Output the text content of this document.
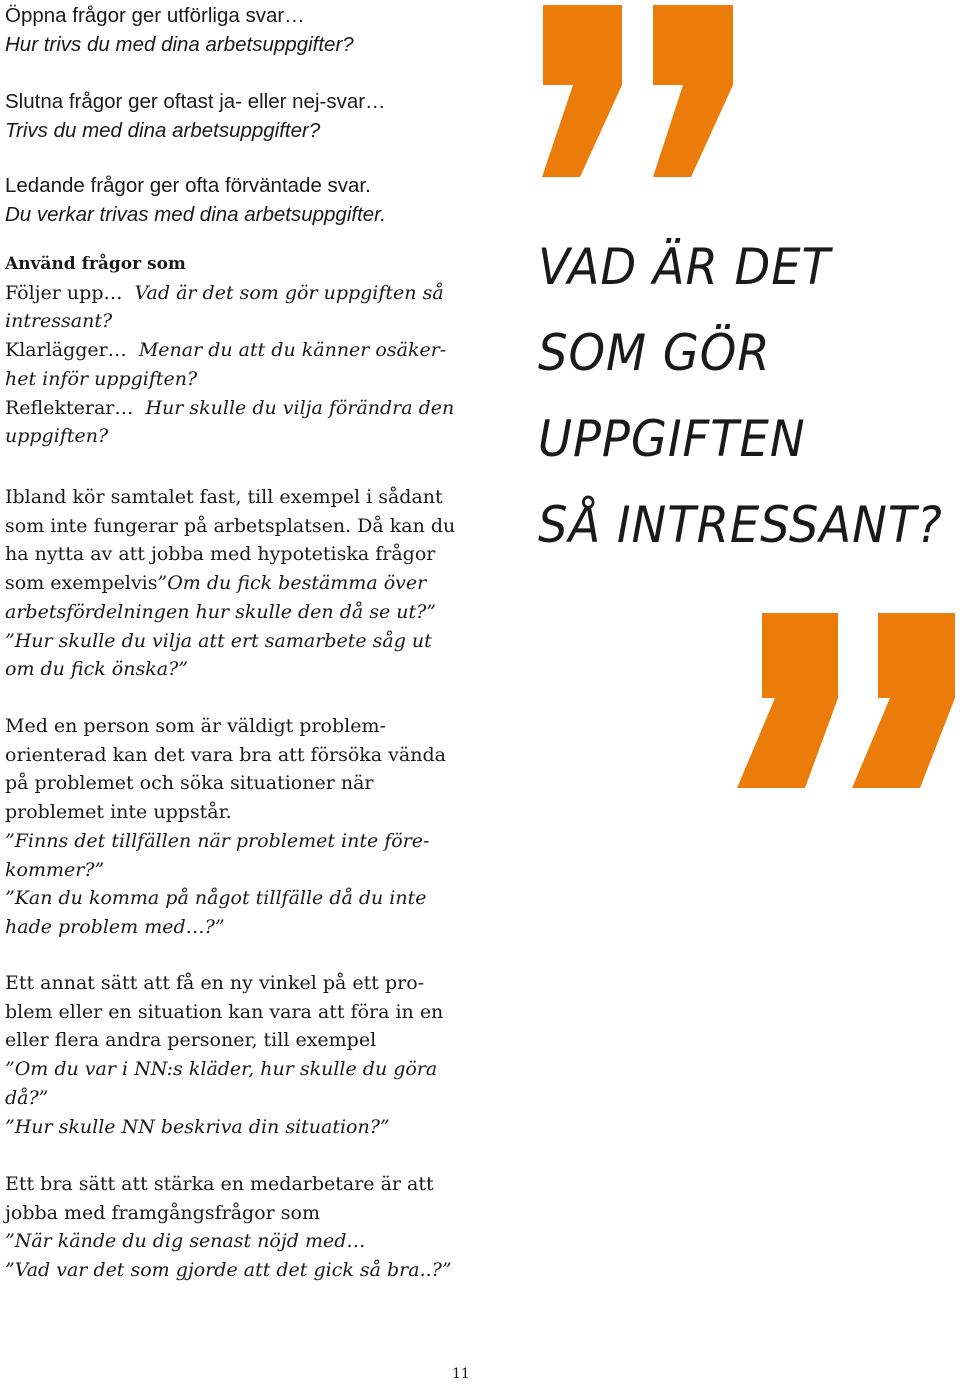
VAD ÄR DET
SOM GÖR
UPPGIFTEN
SÅ INTRESSANT?
Öppna frågor ger utförliga svar…
Hur trivs du med dina arbetsuppgifter?
Slutna frågor ger oftast ja- eller nej-svar…
Trivs du med dina arbetsuppgifter?
Ledande frågor ger ofta förväntade svar.
Du verkar trivas med dina arbetsuppgifter.
Använd frågor som
Följer upp… Vad är det som gör uppgiften så
intressant?
Klarlägger… Menar du att du känner osäker-
het inför uppgiften?
Reflekterar… Hur skulle du vilja förändra den
uppgiften?
Ibland kör samtalet fast, till exempel i sådant
som inte fungerar på arbetsplatsen. Då kan du
ha nytta av att jobba med hypotetiska frågor
som exempelvis”Om du fick bestämma över
arbetsfördelningen hur skulle den då se ut?”
”Hur skulle du vilja att ert samarbete såg ut
om du fick önska?”
Med en person som är väldigt problem-
orienterad kan det vara bra att försöka vända
på problemet och söka situationer när
problemet inte uppstår.
”Finns det tillfällen när problemet inte före-
kommer?”
”Kan du komma på något tillfälle då du inte
hade problem med…?”
Ett annat sätt att få en ny vinkel på ett pro-
blem eller en situation kan vara att föra in en
eller flera andra personer, till exempel
”Om du var i NN:s kläder, hur skulle du göra
då?”
”Hur skulle NN beskriva din situation?”
Ett bra sätt att stärka en medarbetare är att
jobba med framgångsfrågor som
”När kände du dig senast nöjd med…
”Vad var det som gjorde att det gick så bra..?”
11
